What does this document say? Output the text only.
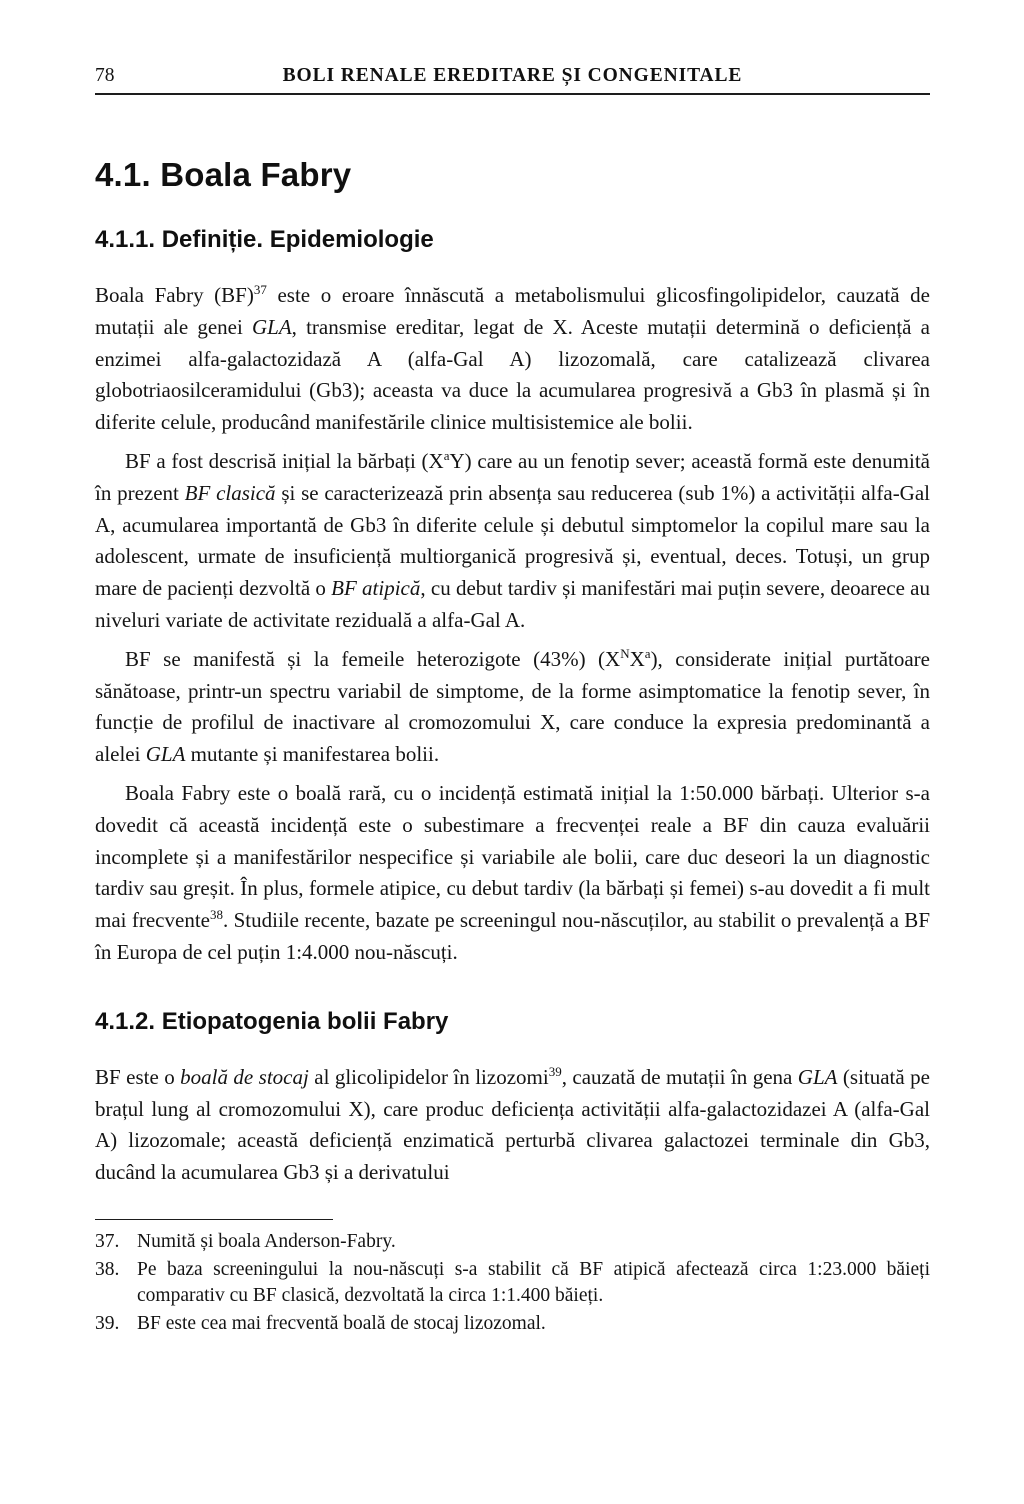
78	BOLI RENALE EREDITARE ȘI CONGENITALE
4.1. Boala Fabry
4.1.1. Definiție. Epidemiologie

Boala Fabry (BF)$^{37}$ este o eroare înnăscută a metabolismului glicosfingolipidelor, cauzată de mutații ale genei GLA, transmise ereditar, legat de X. Aceste mutații determină o deficiență a enzimei alfa-galactozidază A (alfa-Gal A) lizozomală, care catalizează clivarea globotriaosilceramidului (Gb3); aceasta va duce la acumularea progresivă a Gb3 în plasmă și în diferite celule, producând manifestările clinice multisistemice ale bolii.

BF a fost descrisă inițial la bărbați $(X^aY)$ care au un fenotip sever; această formă este denumită în prezent BF clasică și se caracterizează prin absența sau reducerea (sub 1%) a activității alfa-Gal A, acumularea importantă de Gb3 în diferite celule și debutul simptomelor la copilul mare sau la adolescent, urmate de insuficiență multiorganică progresivă și, eventual, deces. Totuși, un grup mare de pacienți dezvoltă o BF atipică, cu debut tardiv și manifestări mai puțin severe, deoarece au niveluri variate de activitate reziduală a alfa-Gal A.

BF se manifestă și la femeile heterozigote (43%) $(X^NX^a)$, considerate inițial purtătoare sănătoase, printr-un spectru variabil de simptome, de la forme asimptomatice la fenotip sever, în funcție de profilul de inactivare al cromozomului X, care conduce la expresia predominantă a alelei GLA mutante și manifestarea bolii.

Boala Fabry este o boală rară, cu o incidență estimată inițial la 1:50.000 bărbați. Ulterior s-a dovedit că această incidență este o subestimare a frecvenței reale a BF din cauza evaluării incomplete și a manifestărilor nespecifice și variabile ale bolii, care duc deseori la un diagnostic tardiv sau greșit. În plus, formele atipice, cu debut tardiv (la bărbați și femei) s-au dovedit a fi mult mai frecvente$^{38}$. Studiile recente, bazate pe screeningul nou-născuților, au stabilit o prevalență a BF în Europa de cel puțin 1:4.000 nou-născuți.

4.1.2. Etiopatogenia bolii Fabry

BF este o boală de stocaj al glicolipidelor în lizozomi$^{39}$, cauzată de mutații în gena GLA (situată pe brațul lung al cromozomului X), care produc deficiența activității alfa-galactozidazei A (alfa-Gal A) lizozomale; această deficiență enzimatică perturbă clivarea galactozei terminale din Gb3, ducând la acumularea Gb3 și a derivatului

37. Numită și boala Anderson-Fabry.
38. Pe baza screeningului la nou-născuți s-a stabilit că BF atipică afectează circa 1:23.000 băieți comparativ cu BF clasică, dezvoltată la circa 1:1.400 băieți.
39. BF este cea mai frecventă boală de stocaj lizozomal.
